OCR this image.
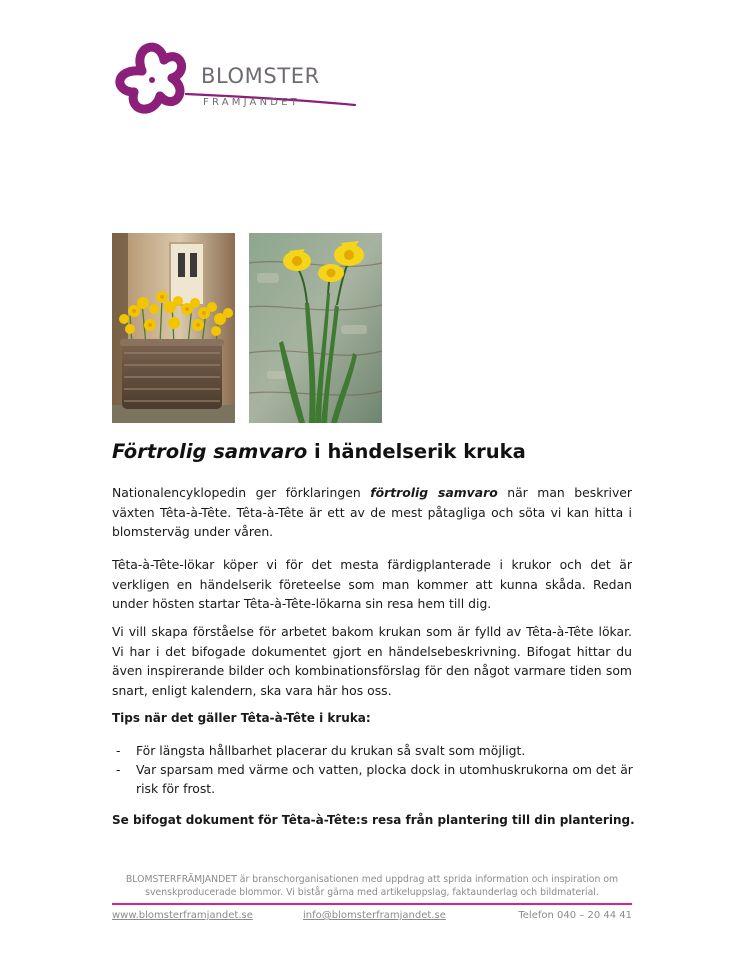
BLOMSTER
FRÄMJANDET
Förtrolig samvaro i händelserik kruka

Nationalencyklopedin ger förklaringen förtrolig samvaro när man beskriver växten Têta-à-Tête. Têta-à-Tête är ett av de mest påtagliga och söta vi kan hitta i blomsterväg under våren.

Têta-à-Tête-lökar köper vi för det mesta färdigplanterade i krukor och det är verkligen en händelserik företeelse som man kommer att kunna skåda. Redan under hösten startar Têta-à-Tête-lökarna sin resa hem till dig.

Vi vill skapa förståelse för arbetet bakom krukan som är fylld av Têta-à-Tête lökar. Vi har i det bifogade dokumentet gjort en händelsebeskrivning. Bifogat hittar du även inspirerande bilder och kombinationsförslag för den något varmare tiden som snart, enligt kalendern, ska vara här hos oss.

Tips när det gäller Têta-à-Tête i kruka:

- För längsta hållbarhet placerar du krukan så svalt som möjligt.
- Var sparsam med värme och vatten, plocka dock in utomhuskrukorna om det är risk för frost.

Se bifogat dokument för Têta-à-Tête:s resa från plantering till din plantering.

BLOMSTERFRÄMJANDET är branschorganisationen med uppdrag att sprida information och inspiration om svenskproducerade blommor. Vi bistår gärna med artikeluppslag, faktaunderlag och bildmaterial.

www.blomsterframjandet.se	info@blomsterframjandet.se	Telefon 040 – 20 44 41
